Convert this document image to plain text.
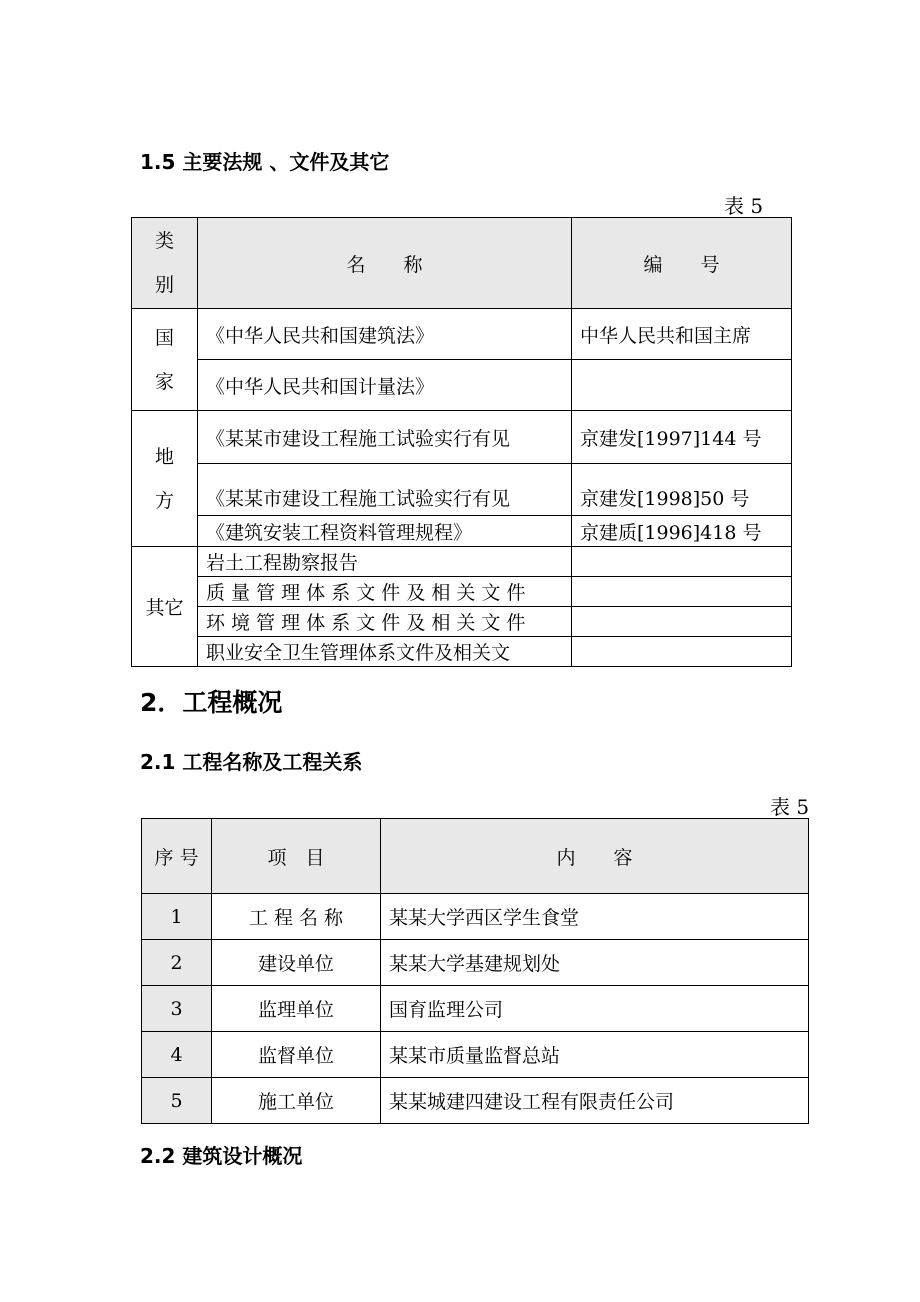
1.5 主要法规 、文件及其它
表 5
类别	名　　称	编　　号
国家	《中华人民共和国建筑法》	中华人民共和国主席
	《中华人民共和国计量法》	
地方	《某某市建设工程施工试验实行有见	京建发[1997]144 号
	《某某市建设工程施工试验实行有见	京建发[1998]50 号
	《建筑安装工程资料管理规程》	京建质[1996]418 号
其它	岩土工程勘察报告	
	质 量 管 理 体 系 文 件 及 相 关 文 件	
	环 境 管 理 体 系 文 件 及 相 关 文 件	
	职业安全卫生管理体系文件及相关文	
2．工程概况
2.1 工程名称及工程关系
表 5
序 号	项　目	内　　容
1	工 程 名 称	某某大学西区学生食堂
2	建设单位	某某大学基建规划处
3	监理单位	国育监理公司
4	监督单位	某某市质量监督总站
5	施工单位	某某城建四建设工程有限责任公司
2.2 建筑设计概况
